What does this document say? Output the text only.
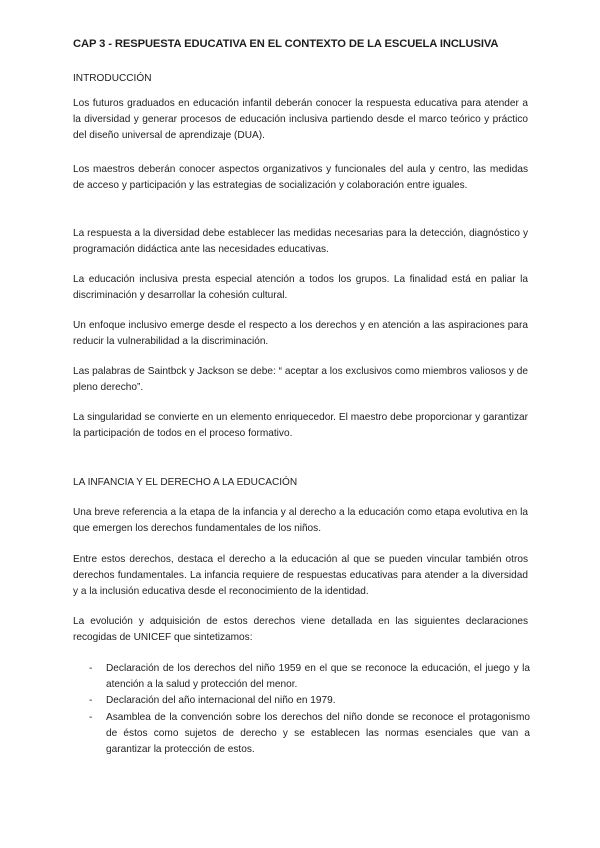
CAP 3 - RESPUESTA EDUCATIVA EN EL CONTEXTO DE LA ESCUELA INCLUSIVA
INTRODUCCIÓN

Los futuros graduados en educación infantil deberán conocer la respuesta educativa para atender a la diversidad y generar procesos de educación inclusiva partiendo desde el marco teórico y práctico del diseño universal de aprendizaje (DUA).

Los maestros deberán conocer aspectos organizativos y funcionales del aula y centro, las medidas de acceso y participación y las estrategias de socialización y colaboración entre iguales.

La respuesta a la diversidad debe establecer las medidas necesarias para la detección, diagnóstico y programación didáctica ante las necesidades educativas.

La educación inclusiva presta especial atención a todos los grupos. La finalidad está en paliar la discriminación y desarrollar la cohesión cultural.

Un enfoque inclusivo emerge desde el respecto a los derechos y en atención a las aspiraciones para reducir la vulnerabilidad a la discriminación.

Las palabras de Saintbck y Jackson se debe: “ aceptar a los exclusivos como miembros valiosos y de pleno derecho”.

La singularidad se convierte en un elemento enriquecedor. El maestro debe proporcionar y garantizar la participación de todos en el proceso formativo.

LA INFANCIA Y EL DERECHO A LA EDUCACIÓN

Una breve referencia a la etapa de la infancia y al derecho a la educación como etapa evolutiva en la que emergen los derechos fundamentales de los niños.

Entre estos derechos, destaca el derecho a la educación al que se pueden vincular también otros derechos fundamentales. La infancia requiere de respuestas educativas para atender a la diversidad y a la inclusión educativa desde el reconocimiento de la identidad.

La evolución y adquisición de estos derechos viene detallada en las siguientes declaraciones recogidas de UNICEF que sintetizamos:

- Declaración de los derechos del niño 1959 en el que se reconoce la educación, el juego y la atención a la salud y protección del menor.
- Declaración del año internacional del niño en 1979.
- Asamblea de la convención sobre los derechos del niño donde se reconoce el protagonismo de éstos como sujetos de derecho y se establecen las normas esenciales que van a garantizar la protección de estos.
